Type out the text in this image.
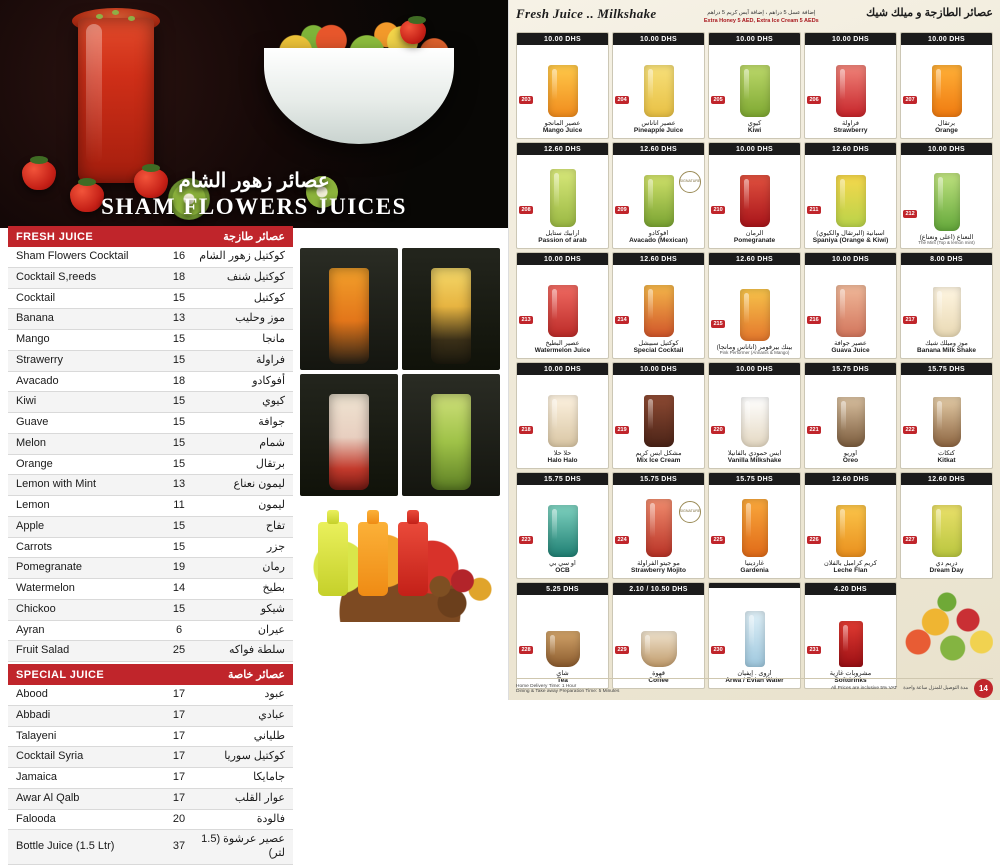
عصائر زهور الشام
SHAM FLOWERS JUICES
FRESH JUICE	عصائر طازجة
Sham Flowers Cocktail	16	كوكتيل زهور الشام
Cocktail S,reeds	18	كوكتيل شنف
Cocktail	15	كوكتيل
Banana	13	موز وحليب
Mango	15	مانجا
Strawerry	15	فراولة
Avacado	18	أفوكادو
Kiwi	15	كيوي
Guave	15	جوافة
Melon	15	شمام
Orange	15	برتقال
Lemon with Mint	13	ليمون نعناع
Lemon	11	ليمون
Apple	15	تفاح
Carrots	15	جزر
Pomegranate	19	رمان
Watermelon	14	بطيخ
Chickoo	15	شيكو
Ayran	6	عيران
Fruit Salad	25	سلطة فواكه
SPECIAL JUICE	عصائر خاصة
Abood	17	عبود
Abbadi	17	عبادي
Talayeni	17	طلياني
Cocktail Syria	17	كوكتيل سوريا
Jamaica	17	جامايكا
Awar Al Qalb	17	عوار القلب
Falooda	20	فالودة
Bottle Juice (1.5 Ltr)	37
عصير عرشوة (1.5 لتر)
Fresh Juice .. Milkshake	إضافة عسل 5 دراهم ، إضافة آيس كريم 5 دراهم
Extra Honey 5 AED, Extra Ice Cream 5 AEDs
عصائر الطازجة و ميلك شيك
10.00 DHS
203
عصير المانجو
Mango Juice
10.00 DHS
204
عصير اناناس
Pineapple Juice
10.00 DHS
205
كيوي
Kiwi
10.00 DHS
206
فراولة
Strawberry
10.00 DHS
207
برتقال
Orange
12.60 DHS
208
أرابيك ستايل
Passion of arab
12.60 DHS
209
SIGNATURE
أفوكادو
Avacado (Mexican)
10.00 DHS
210
الرمان
Pomegranate
12.60 DHS
211
اسبانية (البرتقال والكيوي)
Spaniya (Orange & Kiwi)
10.00 DHS
212
النعناع (أعلى ونعناع)
The Mint (Top & lemon mint)
10.00 DHS
213
عصير البطيخ
Watermelon Juice
12.60 DHS
214
كوكتيل سبيشل
Special Cocktail
12.60 DHS
215
بينك بيرفومر (أناناس ومانجا)
Pink Performer (Annanis & Mango)
10.00 DHS
216
عصير جوافة
Guava Juice
8.00 DHS
217
موز وميلك شيك
Banana Milk Shake
10.00 DHS
218
حلا حلا
Halo Halo
10.00 DHS
219
مشكل آيس كريم
Mix Ice Cream
10.00 DHS
220
آيس حمودي بالفانيلا
Vanilla Milkshake
15.75 DHS
221
أوريو
Oreo
15.75 DHS
222
كتكات
Kitkat
15.75 DHS
223
أو سي بي
OCB
15.75 DHS
224
SIGNATURE
مو جيتو الفراولة
Strawberry Mojito
15.75 DHS
225
غاردينيا
Gardenia
12.60 DHS
226
كريم كراميل بالفلان
Leche Flan
12.60 DHS
227
دريم دي
Dream Day
5.25 DHS
228
شاي
Tea
2.10 / 10.50 DHS
229
قهوة
Coffee
230
أروى . إيفيان
Arwa / Evian Water
4.20 DHS
231
مشروبات غازية
Softdrinks
Home Delivery Time: 1 Hour
Dining & Take away Preparation Time: 5 Minutes	All Prices are inclusive 5% VAT مدة التوصيل للمنزل ساعة واحدة	14
